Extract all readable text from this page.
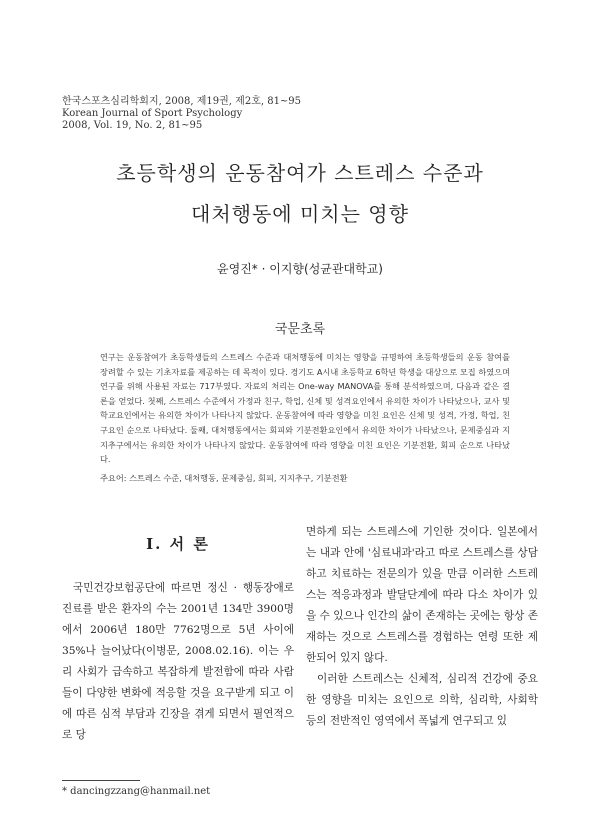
한국스포츠심리학회지, 2008, 제19권, 제2호, 81~95
Korean Journal of Sport Psychology
2008, Vol. 19, No. 2, 81~95
초등학생의 운동참여가 스트레스 수준과
대처행동에 미치는 영향
윤영진* · 이지향(성균관대학교)
국문초록

연구는 운동참여가 초등학생들의 스트레스 수준과 대처행동에 미치는 영향을 규명하여 초등학생들의 운동 참여를 장려할 수 있는 기초자료를 제공하는 데 목적이 있다. 경기도 A시내 초등학교 6학년 학생을 대상으로 모집 하였으며 연구를 위해 사용된 자료는 717부였다. 자료의 처리는 One-way MANOVA를 통해 분석하였으며, 다음과 같은 결론을 얻었다. 첫째, 스트레스 수준에서 가정과 친구, 학업, 신체 및 성격요인에서 유의한 차이가 나타났으나, 교사 및 학교요인에서는 유의한 차이가 나타나지 않았다. 운동참여에 따라 영향을 미친 요인은 신체 및 성격, 가정, 학업, 친구요인 순으로 나타났다. 둘째, 대처행동에서는 회피와 기분전환요인에서 유의한 차이가 나타났으나, 문제중심과 지지추구에서는 유의한 차이가 나타나지 않았다. 운동참여에 따라 영향을 미친 요인은 기분전환, 회피 순으로 나타났다.

주요어: 스트레스 수준, 대처행동, 문제중심, 회피, 지지추구, 기분전환
I. 서 론

국민건강보험공단에 따르면 정신 · 행동장애로 진료를 받은 환자의 수는 2001년 134만 3900명에서 2006년 180만 7762명으로 5년 사이에 35%나 늘어났다(이병문, 2008.02.16). 이는 우리 사회가 급속하고 복잡하게 발전함에 따라 사람들이 다양한 변화에 적응할 것을 요구받게 되고 이에 따른 심적 부담과 긴장을 겪게 되면서 필연적으로 당

면하게 되는 스트레스에 기인한 것이다. 일본에서는 내과 안에 '심료내과'라고 따로 스트레스를 상담하고 치료하는 전문의가 있을 만큼 이러한 스트레스는 적응과정과 발달단계에 따라 다소 차이가 있을 수 있으나 인간의 삶이 존재하는 곳에는 항상 존재하는 것으로 스트레스를 경험하는 연령 또한 제한되어 있지 않다.

이러한 스트레스는 신체적, 심리적 건강에 중요한 영향을 미치는 요인으로 의학, 심리학, 사회학 등의 전반적인 영역에서 폭넓게 연구되고 있

* dancingzzang@hanmail.net
